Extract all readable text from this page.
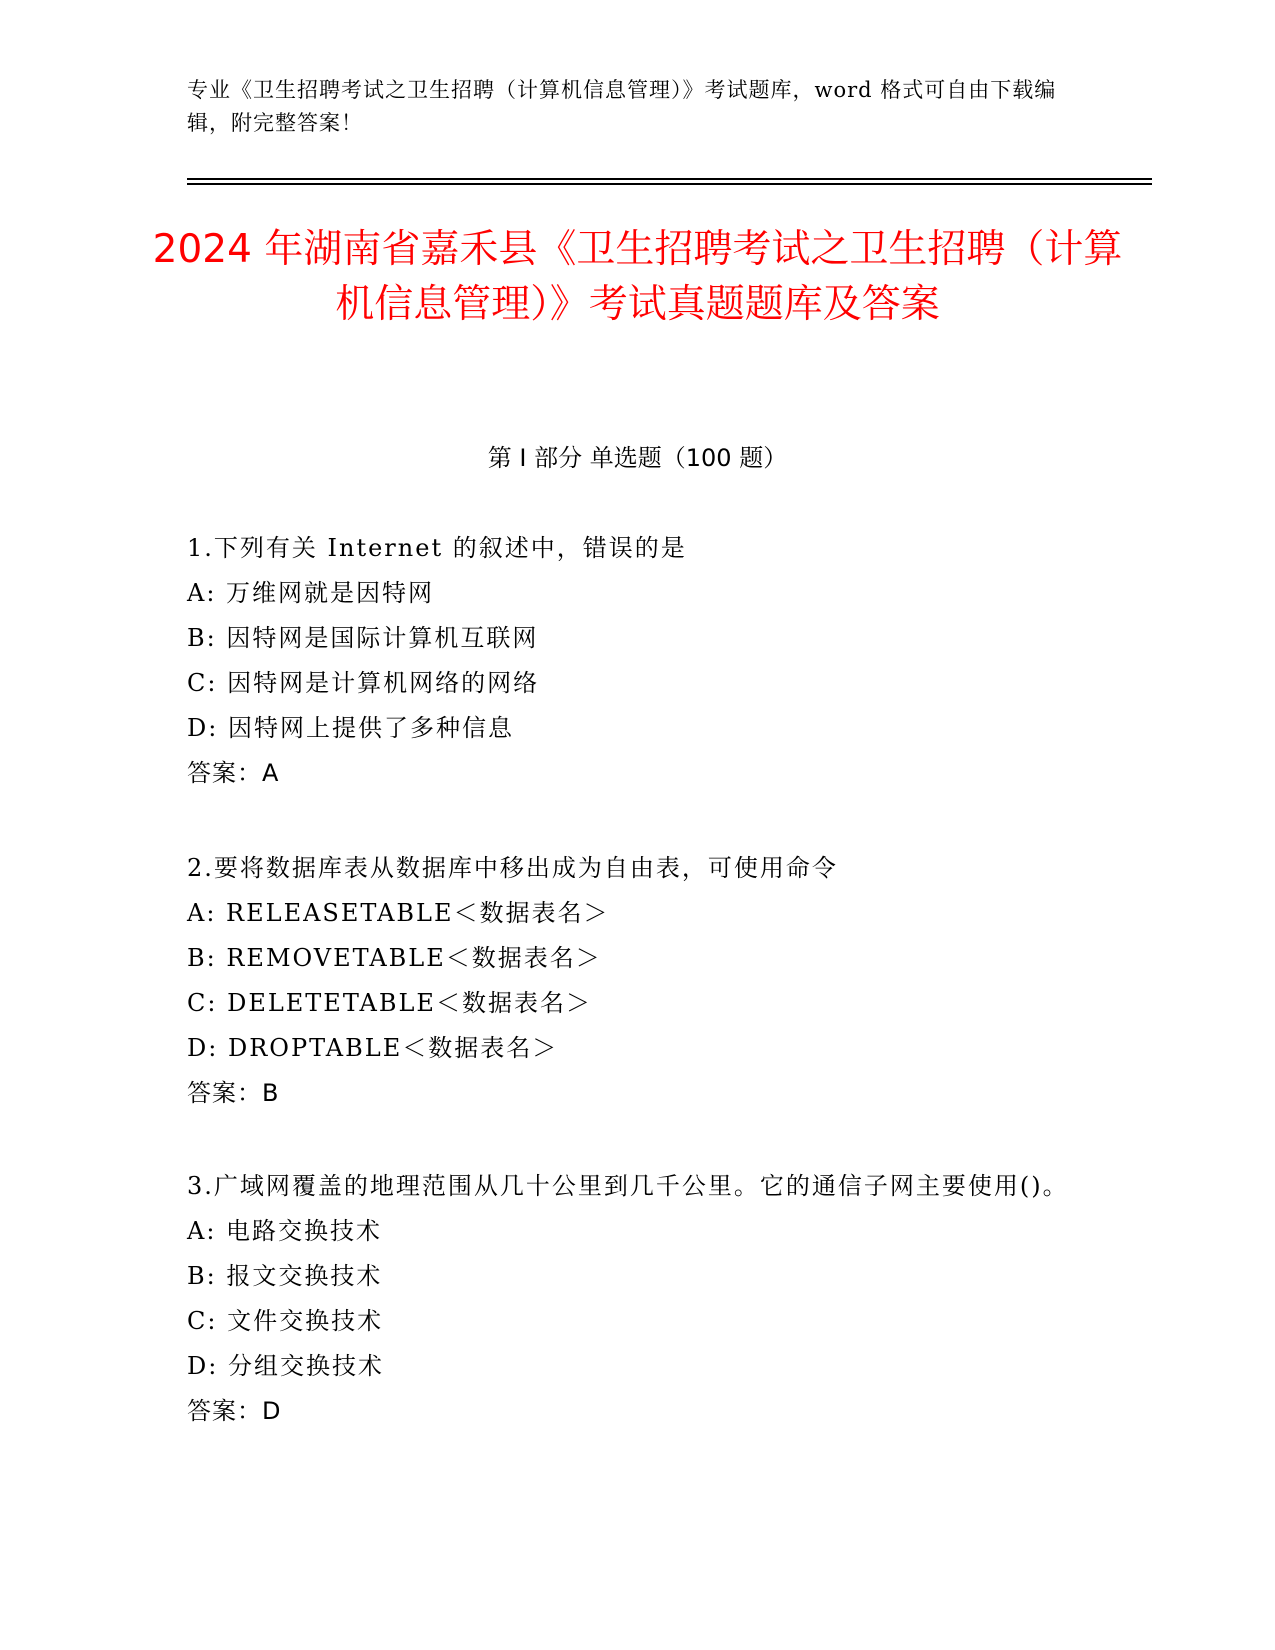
专业《卫生招聘考试之卫生招聘（计算机信息管理）》考试题库，word 格式可自由下载编辑，附完整答案！
2024 年湖南省嘉禾县《卫生招聘考试之卫生招聘（计算机信息管理）》考试真题题库及答案
第 I 部分 单选题（100 题）

1.下列有关 Internet 的叙述中，错误的是

A: 万维网就是因特网

B: 因特网是国际计算机互联网

C: 因特网是计算机网络的网络

D: 因特网上提供了多种信息

答案：A

2.要将数据库表从数据库中移出成为自由表，可使用命令

A: RELEASETABLE＜数据表名＞

B: REMOVETABLE＜数据表名＞

C: DELETETABLE＜数据表名＞

D: DROPTABLE＜数据表名＞

答案：B

3.广域网覆盖的地理范围从几十公里到几千公里。它的通信子网主要使用()。

A: 电路交换技术

B: 报文交换技术

C: 文件交换技术

D: 分组交换技术

答案：D
